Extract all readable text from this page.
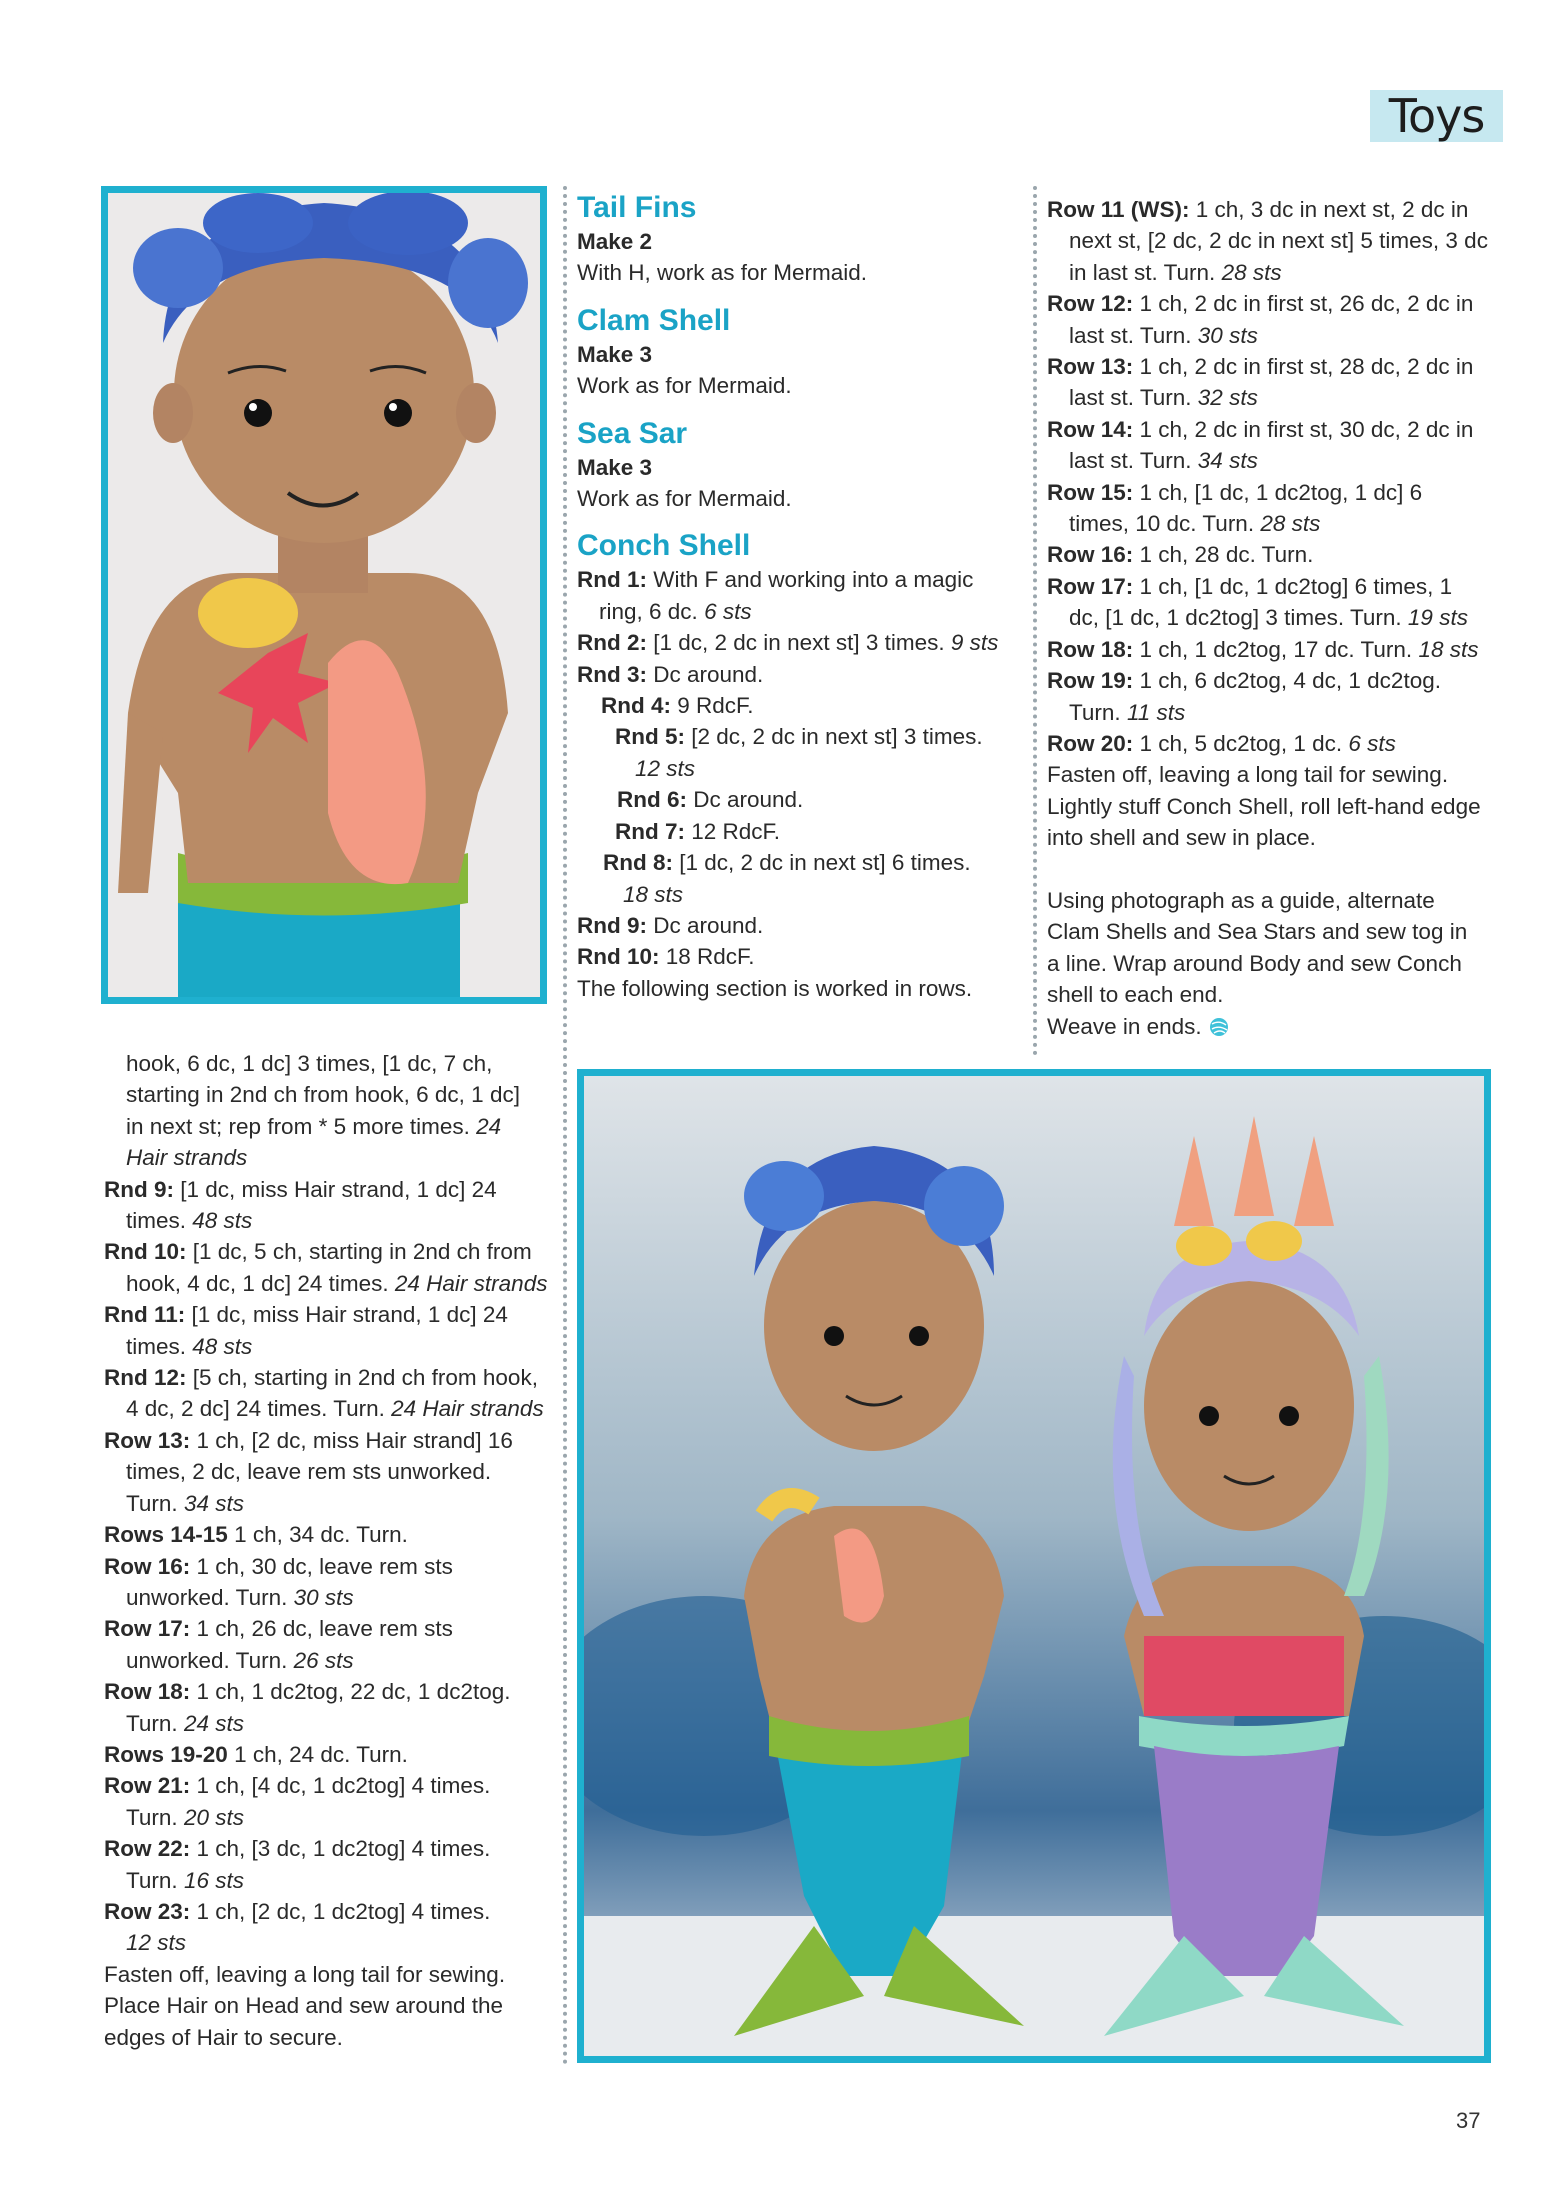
Toys

Tail Fins

Make 2

With H, work as for Mermaid.

Clam Shell

Make 3

Work as for Mermaid.

Sea Sar

Make 3

Work as for Mermaid.

Conch Shell

Rnd 1: With F and working into a magic

ring, 6 dc. 6 sts

Rnd 2: [1 dc, 2 dc in next st] 3 times. 9 sts

Rnd 3: Dc around.

Rnd 4: 9 RdcF.

Rnd 5: [2 dc, 2 dc in next st] 3 times.

12 sts

Rnd 6: Dc around.

Rnd 7: 12 RdcF.

Rnd 8: [1 dc, 2 dc in next st] 6 times.

18 sts

Rnd 9: Dc around.

Rnd 10: 18 RdcF.

The following section is worked in rows.

Row 11 (WS): 1 ch, 3 dc in next st, 2 dc in

next st, [2 dc, 2 dc in next st] 5 times, 3 dc

in last st. Turn. 28 sts

Row 12: 1 ch, 2 dc in first st, 26 dc, 2 dc in

last st. Turn. 30 sts

Row 13: 1 ch, 2 dc in first st, 28 dc, 2 dc in

last st. Turn. 32 sts

Row 14: 1 ch, 2 dc in first st, 30 dc, 2 dc in

last st. Turn. 34 sts

Row 15: 1 ch, [1 dc, 1 dc2tog, 1 dc] 6

times, 10 dc. Turn. 28 sts

Row 16: 1 ch, 28 dc. Turn.

Row 17: 1 ch, [1 dc, 1 dc2tog] 6 times, 1

dc, [1 dc, 1 dc2tog] 3 times. Turn. 19 sts

Row 18: 1 ch, 1 dc2tog, 17 dc. Turn. 18 sts

Row 19: 1 ch, 6 dc2tog, 4 dc, 1 dc2tog.

Turn. 11 sts

Row 20: 1 ch, 5 dc2tog, 1 dc. 6 sts

Fasten off, leaving a long tail for sewing.

Lightly stuff Conch Shell, roll left-hand edge

into shell and sew in place.

Using photograph as a guide, alternate

Clam Shells and Sea Stars and sew tog in

a line. Wrap around Body and sew Conch

shell to each end.

Weave in ends.

hook, 6 dc, 1 dc] 3 times, [1 dc, 7 ch,

starting in 2nd ch from hook, 6 dc, 1 dc]

in next st; rep from * 5 more times. 24

Hair strands

Rnd 9: [1 dc, miss Hair strand, 1 dc] 24

times. 48 sts

Rnd 10: [1 dc, 5 ch, starting in 2nd ch from

hook, 4 dc, 1 dc] 24 times. 24 Hair strands

Rnd 11: [1 dc, miss Hair strand, 1 dc] 24

times. 48 sts

Rnd 12: [5 ch, starting in 2nd ch from hook,

4 dc, 2 dc] 24 times. Turn. 24 Hair strands

Row 13: 1 ch, [2 dc, miss Hair strand] 16

times, 2 dc, leave rem sts unworked.

Turn. 34 sts

Rows 14-15 1 ch, 34 dc. Turn.

Row 16: 1 ch, 30 dc, leave rem sts

unworked. Turn. 30 sts

Row 17: 1 ch, 26 dc, leave rem sts

unworked. Turn. 26 sts

Row 18: 1 ch, 1 dc2tog, 22 dc, 1 dc2tog.

Turn. 24 sts

Rows 19-20 1 ch, 24 dc. Turn.

Row 21: 1 ch, [4 dc, 1 dc2tog] 4 times.

Turn. 20 sts

Row 22: 1 ch, [3 dc, 1 dc2tog] 4 times.

Turn. 16 sts

Row 23: 1 ch, [2 dc, 1 dc2tog] 4 times.

12 sts

Fasten off, leaving a long tail for sewing.

Place Hair on Head and sew around the

edges of Hair to secure.

37
